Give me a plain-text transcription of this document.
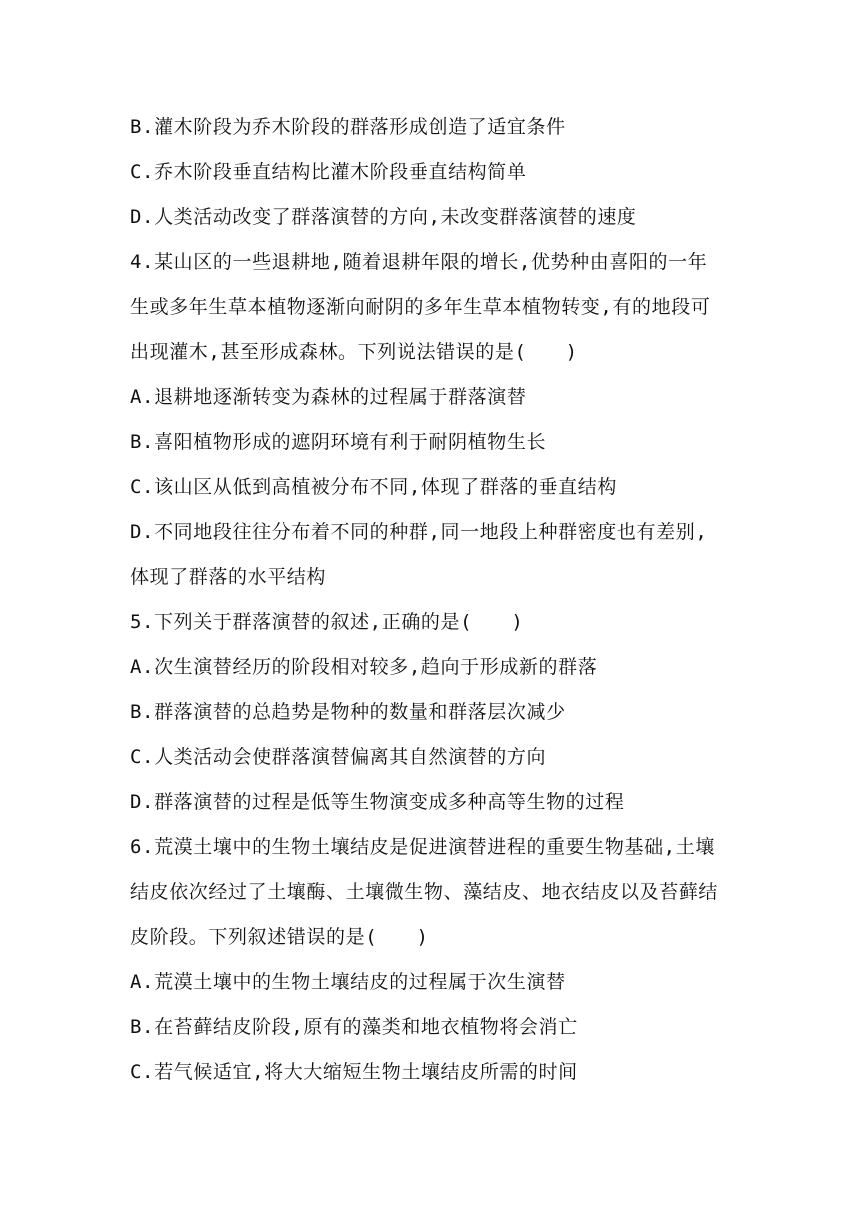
B.灌木阶段为乔木阶段的群落形成创造了适宜条件
C.乔木阶段垂直结构比灌木阶段垂直结构简单
D.人类活动改变了群落演替的方向,未改变群落演替的速度
4.某山区的一些退耕地,随着退耕年限的增长,优势种由喜阳的一年
生或多年生草本植物逐渐向耐阴的多年生草本植物转变,有的地段可
出现灌木,甚至形成森林。下列说法错误的是(　　)
A.退耕地逐渐转变为森林的过程属于群落演替
B.喜阳植物形成的遮阴环境有利于耐阴植物生长
C.该山区从低到高植被分布不同,体现了群落的垂直结构
D.不同地段往往分布着不同的种群,同一地段上种群密度也有差别,
体现了群落的水平结构
5.下列关于群落演替的叙述,正确的是(　　)
A.次生演替经历的阶段相对较多,趋向于形成新的群落
B.群落演替的总趋势是物种的数量和群落层次减少
C.人类活动会使群落演替偏离其自然演替的方向
D.群落演替的过程是低等生物演变成多种高等生物的过程
6.荒漠土壤中的生物土壤结皮是促进演替进程的重要生物基础,土壤
结皮依次经过了土壤酶、土壤微生物、藻结皮、地衣结皮以及苔藓结
皮阶段。下列叙述错误的是(　　)
A.荒漠土壤中的生物土壤结皮的过程属于次生演替
B.在苔藓结皮阶段,原有的藻类和地衣植物将会消亡
C.若气候适宜,将大大缩短生物土壤结皮所需的时间
